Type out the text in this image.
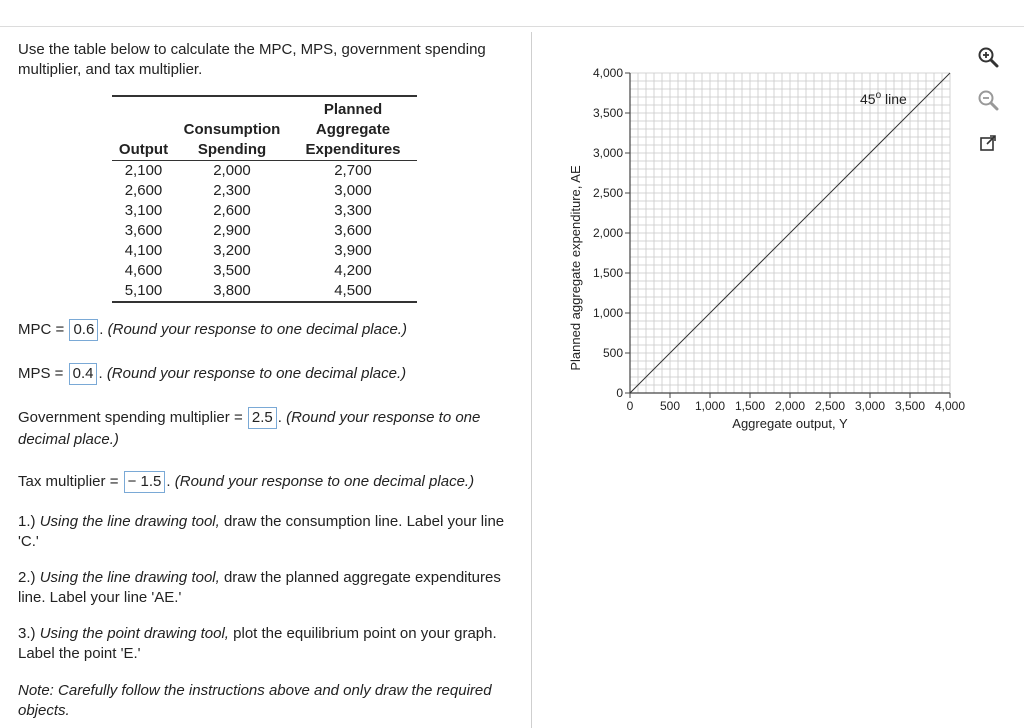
Use the table below to calculate the MPC, MPS, government spending multiplier, and tax multiplier.

		Planned
	Consumption	Aggregate
Output	Spending	Expenditures
2,100	2,000	2,700
2,600	2,300	3,000
3,100	2,600	3,300
3,600	2,900	3,600
4,100	3,200	3,900
4,600	3,500	4,200
5,100	3,800	4,500
MPC = 0.6 . (Round your response to one decimal place.)
MPS = 0.4 . (Round your response to one decimal place.)
Government spending multiplier = 2.5 . (Round your response to one
decimal place.)
Tax multiplier = − 1.5 . (Round your response to one decimal place.)
1.) Using the line drawing tool, draw the consumption line. Label your line 'C.'
2.) Using the line drawing tool, draw the planned aggregate expenditures line. Label your line 'AE.'
3.) Using the point drawing tool, plot the equilibrium point on your graph. Label the point 'E.'
Note: Carefully follow the instructions above and only draw the required objects.
0 500 1,000 1,500 2,000 2,500 3,000 3,500 4,000
0
500
1,000
1,500
2,000
2,500
3,000
3,500
4,000
Planned aggregate expenditure, AE
Aggregate output, Y
45$^o$ line
